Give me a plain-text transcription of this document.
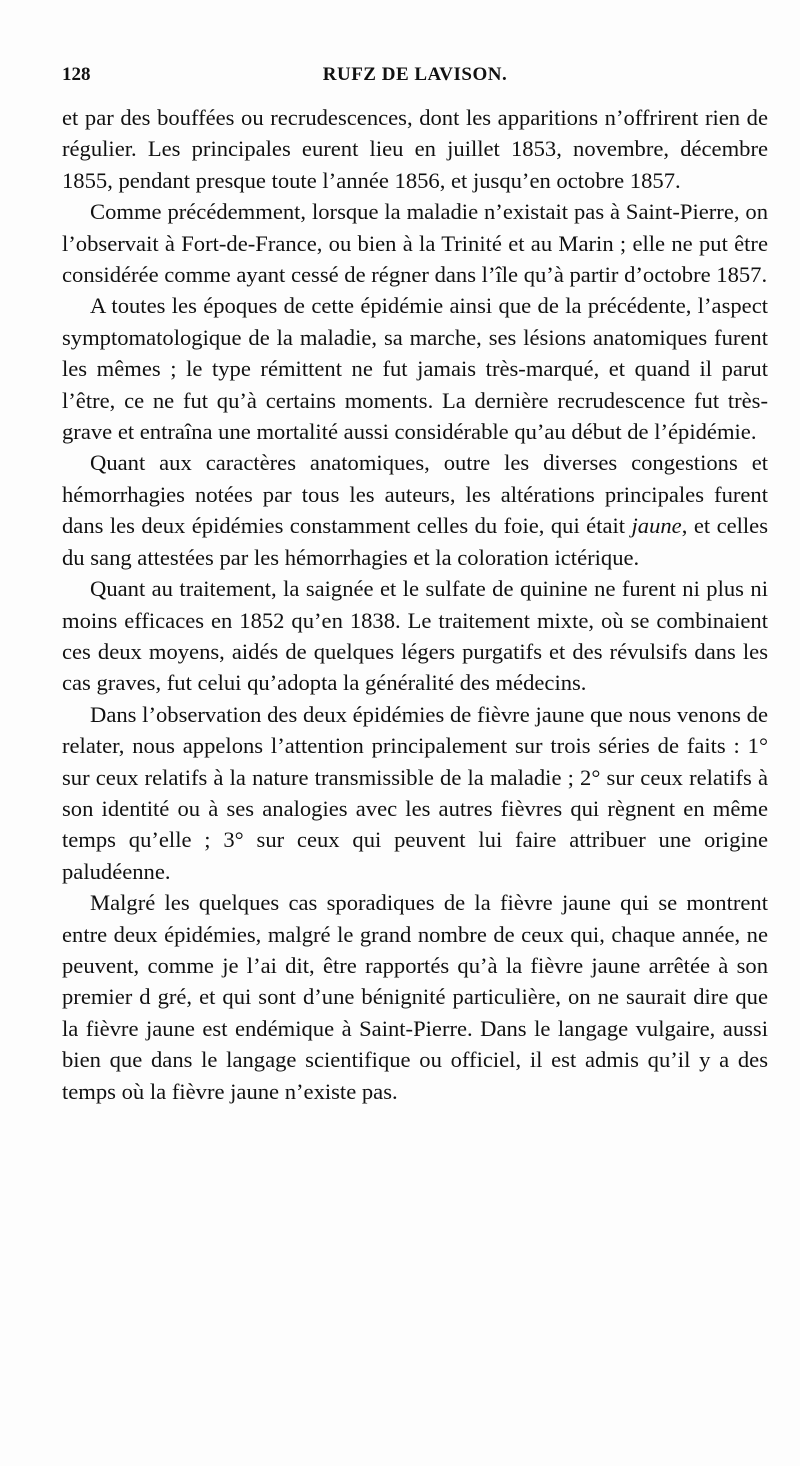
128	RUFZ DE LAVISON.

et par des bouffées ou recrudescences, dont les apparitions n’offrirent rien de régulier. Les principales eurent lieu en juillet 1853, novembre, décembre 1855, pendant presque toute l’année 1856, et jusqu’en octobre 1857.

Comme précédemment, lorsque la maladie n’existait pas à Saint-Pierre, on l’observait à Fort-de-France, ou bien à la Trinité et au Marin ; elle ne put être considérée comme ayant cessé de régner dans l’île qu’à partir d’octobre 1857.

A toutes les époques de cette épidémie ainsi que de la précédente, l’aspect symptomatologique de la maladie, sa marche, ses lésions anatomiques furent les mêmes ; le type rémittent ne fut jamais très-marqué, et quand il parut l’être, ce ne fut qu’à certains moments. La dernière recrudescence fut très-grave et entraîna une mortalité aussi considérable qu’au début de l’épidémie.

Quant aux caractères anatomiques, outre les diverses congestions et hémorrhagies notées par tous les auteurs, les altérations principales furent dans les deux épidémies constamment celles du foie, qui était jaune, et celles du sang attestées par les hémorrhagies et la coloration ictérique.

Quant au traitement, la saignée et le sulfate de quinine ne furent ni plus ni moins efficaces en 1852 qu’en 1838. Le traitement mixte, où se combinaient ces deux moyens, aidés de quelques légers purgatifs et des révulsifs dans les cas graves, fut celui qu’adopta la généralité des médecins.

Dans l’observation des deux épidémies de fièvre jaune que nous venons de relater, nous appelons l’attention principalement sur trois séries de faits : 1° sur ceux relatifs à la nature transmissible de la maladie ; 2° sur ceux relatifs à son identité ou à ses analogies avec les autres fièvres qui règnent en même temps qu’elle ; 3° sur ceux qui peuvent lui faire attribuer une origine paludéenne.

Malgré les quelques cas sporadiques de la fièvre jaune qui se montrent entre deux épidémies, malgré le grand nombre de ceux qui, chaque année, ne peuvent, comme je l’ai dit, être rapportés qu’à la fièvre jaune arrêtée à son premier d gré, et qui sont d’une bénignité particulière, on ne saurait dire que la fièvre jaune est endémique à Saint-Pierre. Dans le langage vulgaire, aussi bien que dans le langage scientifique ou officiel, il est admis qu’il y a des temps où la fièvre jaune n’existe pas.
